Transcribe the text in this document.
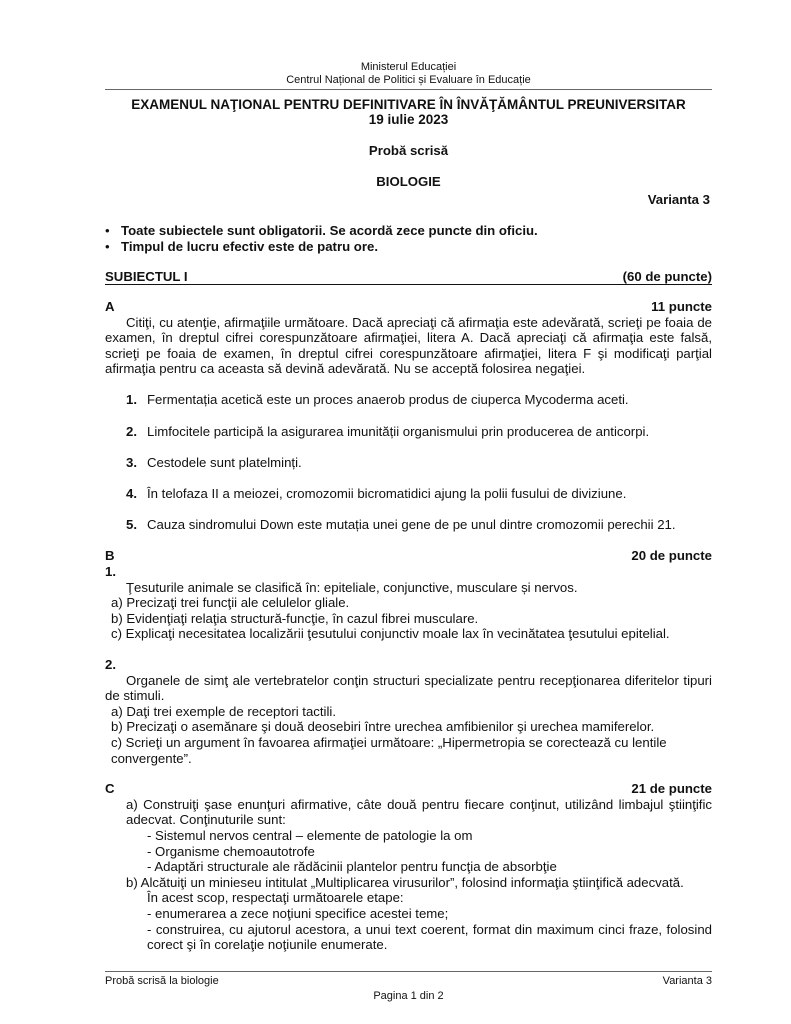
Ministerul Educației
Centrul Național de Politici și Evaluare în Educație
EXAMENUL NAŢIONAL PENTRU DEFINITIVARE ÎN ÎNVĂŢĂMÂNTUL PREUNIVERSITAR
19 iulie 2023
Probă scrisă
BIOLOGIE
Varianta 3
• Toate subiectele sunt obligatorii. Se acordă zece puncte din oficiu.
• Timpul de lucru efectiv este de patru ore.
SUBIECTUL I	(60 de puncte)
A	11 puncte

Citiţi, cu atenţie, afirmaţiile următoare. Dacă apreciaţi că afirmaţia este adevărată, scrieţi pe foaia de examen, în dreptul cifrei corespunzătoare afirmaţiei, litera A. Dacă apreciaţi că afirmaţia este falsă, scrieţi pe foaia de examen, în dreptul cifrei corespunzătoare afirmaţiei, litera F şi modificaţi parţial afirmaţia pentru ca aceasta să devină adevărată. Nu se acceptă folosirea negaţiei.

1. Fermentația acetică este un proces anaerob produs de ciuperca Mycoderma aceti.
2. Limfocitele participă la asigurarea imunității organismului prin producerea de anticorpi.
3. Cestodele sunt platelminți.
4. În telofaza II a meiozei, cromozomii bicromatidici ajung la polii fusului de diviziune.
5. Cauza sindromului Down este mutația unei gene de pe unul dintre cromozomii perechii 21.
B	20 de puncte
1.

Ţesuturile animale se clasifică în: epiteliale, conjunctive, musculare și nervos.

a) Precizaţi trei funcţii ale celulelor gliale.
b) Evidenţiaţi relaţia structură-funcţie, în cazul fibrei musculare.
c) Explicaţi necesitatea localizării ţesutului conjunctiv moale lax în vecinătatea ţesutului epitelial.
2.

Organele de simţ ale vertebratelor conţin structuri specializate pentru recepţionarea diferitelor tipuri de stimuli.

a) Daţi trei exemple de receptori tactili.
b) Precizaţi o asemănare şi două deosebiri între urechea amfibienilor şi urechea mamiferelor.

c) Scrieţi un argument în favoarea afirmaţiei următoare: „Hipermetropia se corectează cu lentile convergente”.

C	21 de puncte

a) Construiţi şase enunţuri afirmative, câte două pentru fiecare conţinut, utilizând limbajul ştiinţific adecvat. Conţinuturile sunt:

- Sistemul nervos central – elemente de patologie la om
- Organisme chemoautotrofe
- Adaptări structurale ale rădăcinii plantelor pentru funcţia de absorbţie

b) Alcătuiţi un minieseu intitulat „Multiplicarea virusurilor”, folosind informaţia ştiinţifică adecvată.

În acest scop, respectaţi următoarele etape:

- enumerarea a zece noţiuni specifice acestei teme;

- construirea, cu ajutorul acestora, a unui text coerent, format din maximum cinci fraze, folosind corect şi în corelaţie noţiunile enumerate.

Probă scrisă la biologie	Varianta 3
Pagina 1 din 2
